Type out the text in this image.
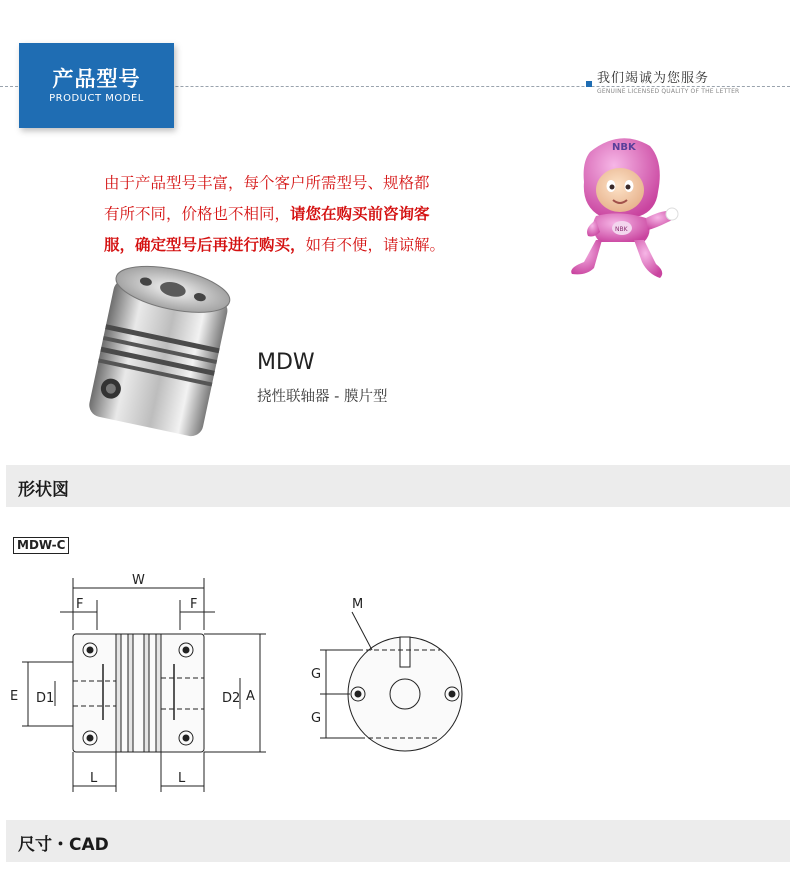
产品型号
PRODUCT MODEL
我们竭诚为您服务
GENUINE LICENSED QUALITY OF THE LETTER
由于产品型号丰富，每个客户所需型号、规格都
有所不同，价格也不相同，请您在购买前咨询客
服，确定型号后再进行购买，如有不便，请谅解。
NBK
NBK
MDW
挠性联轴器 - 膜片型
形状図
MDW-C
W
F	F
E D1	D2 A
L	L
M
G
G
尺寸・CAD
